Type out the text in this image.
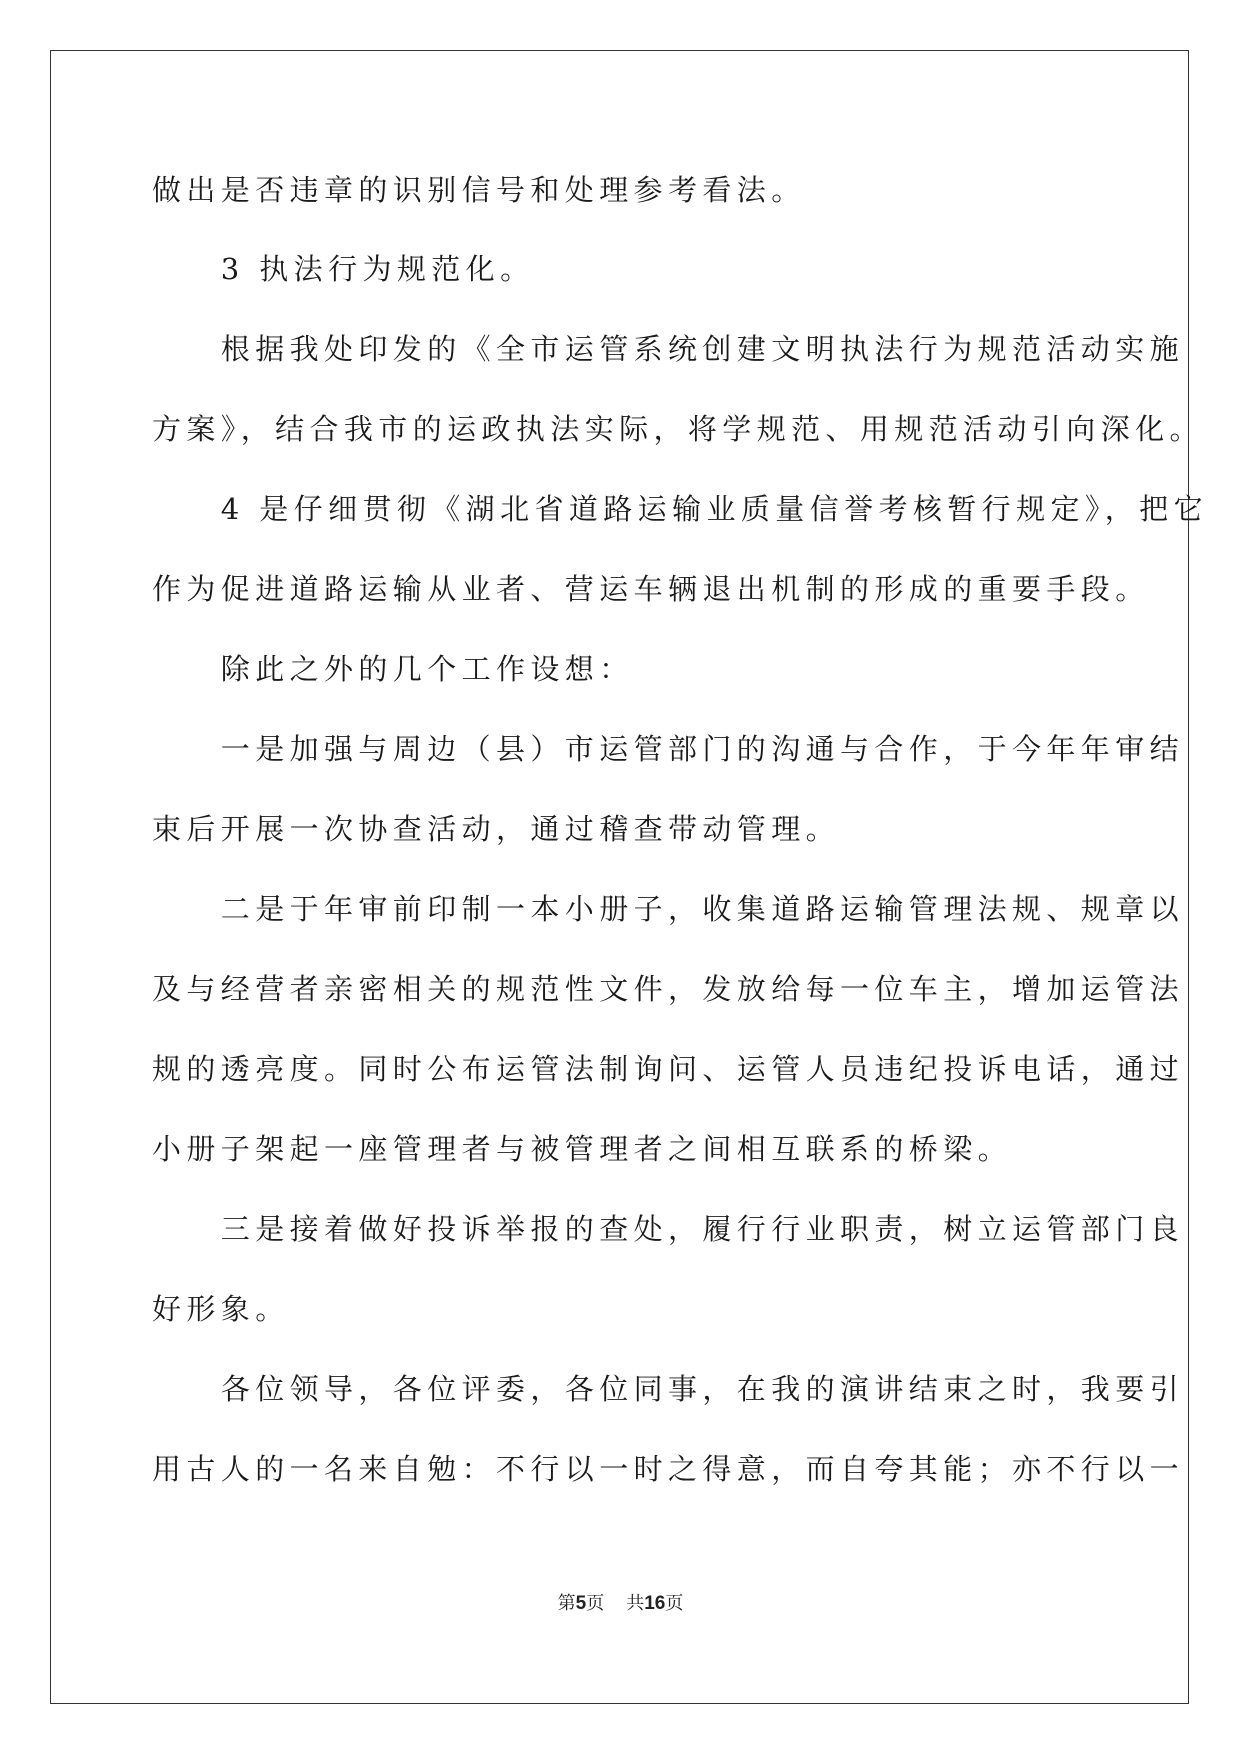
做出是否违章的识别信号和处理参考看法。
　　3 执法行为规范化。
　　根据我处印发的《全市运管系统创建文明执法行为规范活动实施
方案》，结合我市的运政执法实际，将学规范、用规范活动引向深化。
　　4 是仔细贯彻《湖北省道路运输业质量信誉考核暂行规定》，把它
作为促进道路运输从业者、营运车辆退出机制的形成的重要手段。
　　除此之外的几个工作设想：
　　一是加强与周边（县）市运管部门的沟通与合作，于今年年审结
束后开展一次协查活动，通过稽查带动管理。
　　二是于年审前印制一本小册子，收集道路运输管理法规、规章以
及与经营者亲密相关的规范性文件，发放给每一位车主，增加运管法
规的透亮度。同时公布运管法制询问、运管人员违纪投诉电话，通过
小册子架起一座管理者与被管理者之间相互联系的桥梁。
　　三是接着做好投诉举报的查处，履行行业职责，树立运管部门良
好形象。
　　各位领导，各位评委，各位同事，在我的演讲结束之时，我要引
用古人的一名来自勉：不行以一时之得意，而自夸其能；亦不行以一
第5页 共16页
